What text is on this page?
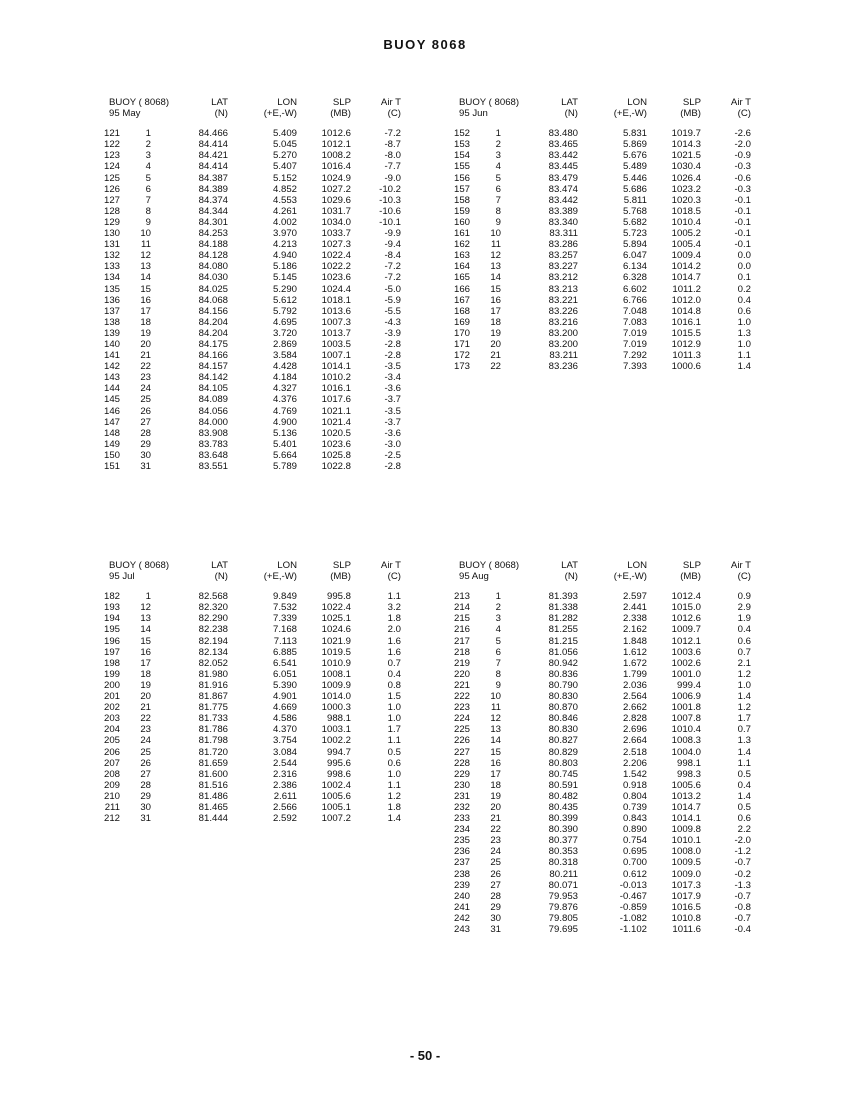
BUOY 8068
BUOY ( 8068)	LAT	LON	SLP	Air T
95 May	(N)	(+E,-W)	(MB)	(C)
121	1	84.466	5.409	1012.6	-7.2
122	2	84.414	5.045	1012.1	-8.7
123	3	84.421	5.270	1008.2	-8.0
124	4	84.414	5.407	1016.4	-7.7
125	5	84.387	5.152	1024.9	-9.0
126	6	84.389	4.852	1027.2	-10.2
127	7	84.374	4.553	1029.6	-10.3
128	8	84.344	4.261	1031.7	-10.6
129	9	84.301	4.002	1034.0	-10.1
130	10	84.253	3.970	1033.7	-9.9
131	11	84.188	4.213	1027.3	-9.4
132	12	84.128	4.940	1022.4	-8.4
133	13	84.080	5.186	1022.2	-7.2
134	14	84.030	5.145	1023.6	-7.2
135	15	84.025	5.290	1024.4	-5.0
136	16	84.068	5.612	1018.1	-5.9
137	17	84.156	5.792	1013.6	-5.5
138	18	84.204	4.695	1007.3	-4.3
139	19	84.204	3.720	1013.7	-3.9
140	20	84.175	2.869	1003.5	-2.8
141	21	84.166	3.584	1007.1	-2.8
142	22	84.157	4.428	1014.1	-3.5
143	23	84.142	4.184	1010.2	-3.4
144	24	84.105	4.327	1016.1	-3.6
145	25	84.089	4.376	1017.6	-3.7
146	26	84.056	4.769	1021.1	-3.5
147	27	84.000	4.900	1021.4	-3.7
148	28	83.908	5.136	1020.5	-3.6
149	29	83.783	5.401	1023.6	-3.0
150	30	83.648	5.664	1025.8	-2.5
151	31	83.551	5.789	1022.8	-2.8
BUOY ( 8068)	LAT	LON	SLP	Air T
95 Jun	(N)	(+E,-W)	(MB)	(C)
152	1	83.480	5.831	1019.7	-2.6
153	2	83.465	5.869	1014.3	-2.0
154	3	83.442	5.676	1021.5	-0.9
155	4	83.445	5.489	1030.4	-0.3
156	5	83.479	5.446	1026.4	-0.6
157	6	83.474	5.686	1023.2	-0.3
158	7	83.442	5.811	1020.3	-0.1
159	8	83.389	5.768	1018.5	-0.1
160	9	83.340	5.682	1010.4	-0.1
161	10	83.311	5.723	1005.2	-0.1
162	11	83.286	5.894	1005.4	-0.1
163	12	83.257	6.047	1009.4	0.0
164	13	83.227	6.134	1014.2	0.0
165	14	83.212	6.328	1014.7	0.1
166	15	83.213	6.602	1011.2	0.2
167	16	83.221	6.766	1012.0	0.4
168	17	83.226	7.048	1014.8	0.6
169	18	83.216	7.083	1016.1	1.0
170	19	83.200	7.019	1015.5	1.3
171	20	83.200	7.019	1012.9	1.0
172	21	83.211	7.292	1011.3	1.1
173	22	83.236	7.393	1000.6	1.4
BUOY ( 8068)	LAT	LON	SLP	Air T
95 Jul	(N)	(+E,-W)	(MB)	(C)
182	1	82.568	9.849	995.8	1.1
193	12	82.320	7.532	1022.4	3.2
194	13	82.290	7.339	1025.1	1.8
195	14	82.238	7.168	1024.6	2.0
196	15	82.194	7.113	1021.9	1.6
197	16	82.134	6.885	1019.5	1.6
198	17	82.052	6.541	1010.9	0.7
199	18	81.980	6.051	1008.1	0.4
200	19	81.916	5.390	1009.9	0.8
201	20	81.867	4.901	1014.0	1.5
202	21	81.775	4.669	1000.3	1.0
203	22	81.733	4.586	988.1	1.0
204	23	81.786	4.370	1003.1	1.7
205	24	81.798	3.754	1002.2	1.1
206	25	81.720	3.084	994.7	0.5
207	26	81.659	2.544	995.6	0.6
208	27	81.600	2.316	998.6	1.0
209	28	81.516	2.386	1002.4	1.1
210	29	81.486	2.611	1005.6	1.2
211	30	81.465	2.566	1005.1	1.8
212	31	81.444	2.592	1007.2	1.4
BUOY ( 8068)	LAT	LON	SLP	Air T
95 Aug	(N)	(+E,-W)	(MB)	(C)
213	1	81.393	2.597	1012.4	0.9
214	2	81.338	2.441	1015.0	2.9
215	3	81.282	2.338	1012.6	1.9
216	4	81.255	2.162	1009.7	0.4
217	5	81.215	1.848	1012.1	0.6
218	6	81.056	1.612	1003.6	0.7
219	7	80.942	1.672	1002.6	2.1
220	8	80.836	1.799	1001.0	1.2
221	9	80.790	2.036	999.4	1.0
222	10	80.830	2.564	1006.9	1.4
223	11	80.870	2.662	1001.8	1.2
224	12	80.846	2.828	1007.8	1.7
225	13	80.830	2.696	1010.4	0.7
226	14	80.827	2.664	1008.3	1.3
227	15	80.829	2.518	1004.0	1.4
228	16	80.803	2.206	998.1	1.1
229	17	80.745	1.542	998.3	0.5
230	18	80.591	0.918	1005.6	0.4
231	19	80.482	0.804	1013.2	1.4
232	20	80.435	0.739	1014.7	0.5
233	21	80.399	0.843	1014.1	0.6
234	22	80.390	0.890	1009.8	2.2
235	23	80.377	0.754	1010.1	-2.0
236	24	80.353	0.695	1008.0	-1.2
237	25	80.318	0.700	1009.5	-0.7
238	26	80.211	0.612	1009.0	-0.2
239	27	80.071	-0.013	1017.3	-1.3
240	28	79.953	-0.467	1017.9	-0.7
241	29	79.876	-0.859	1016.5	-0.8
242	30	79.805	-1.082	1010.8	-0.7
243	31	79.695	-1.102	1011.6	-0.4
- 50 -
